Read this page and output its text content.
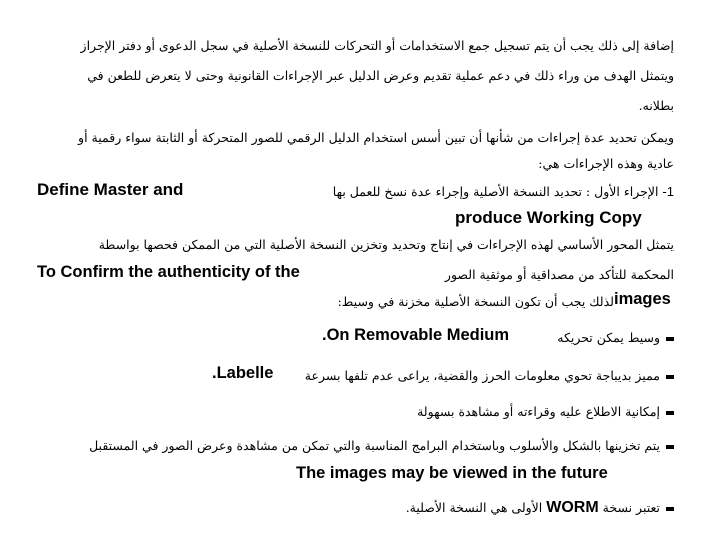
إضافة إلى ذلك يجب أن يتم تسجيل جمع الاستخدامات أو التحركات للنسخة الأصلية في سجل الدعوى أو دفتر الإجراز
ويتمثل الهدف من وراء ذلك في دعم عملية تقديم وعرض الدليل عبر الإجراءات القانونية وحتى لا يتعرض للطعن في
بطلانه.
ويمكن تحديد عدة إجراءات من شأنها أن تبين أسس استخدام الدليل الرقمي للصور المتحركة أو الثابتة سواء رقمية أو
عادية وهذه الإجراءات هي:
1- الإجراء الأول : تحديد النسخة الأصلية وإجراء عدة نسخ للعمل بها
Define Master and
produce Working Copy
يتمثل المحور الأساسي لهذه الإجراءات في إنتاج وتحديد وتخزين النسخة الأصلية التي من الممكن فحصها بواسطة
المحكمة للتأكد من مصداقية أو موثقية الصور
To Confirm the authenticity of the
لذلك يجب أن تكون النسخة الأصلية مخزنة في وسيط: images
وسيط يمكن تحريكه
.On Removable Medium
مميز بديباجة تحوي معلومات الحرز والقضية، يراعى عدم تلفها بسرعة
.Labelle
إمكانية الاطلاع عليه وقراءته أو مشاهدة بسهولة
يتم تخزينها بالشكل والأسلوب وباستخدام البرامج المناسبة والتي تمكن من مشاهدة وعرض الصور في المستقبل
The images may be viewed in the future
تعتبر نسخة WORM الأولى هي النسخة الأصلية.
